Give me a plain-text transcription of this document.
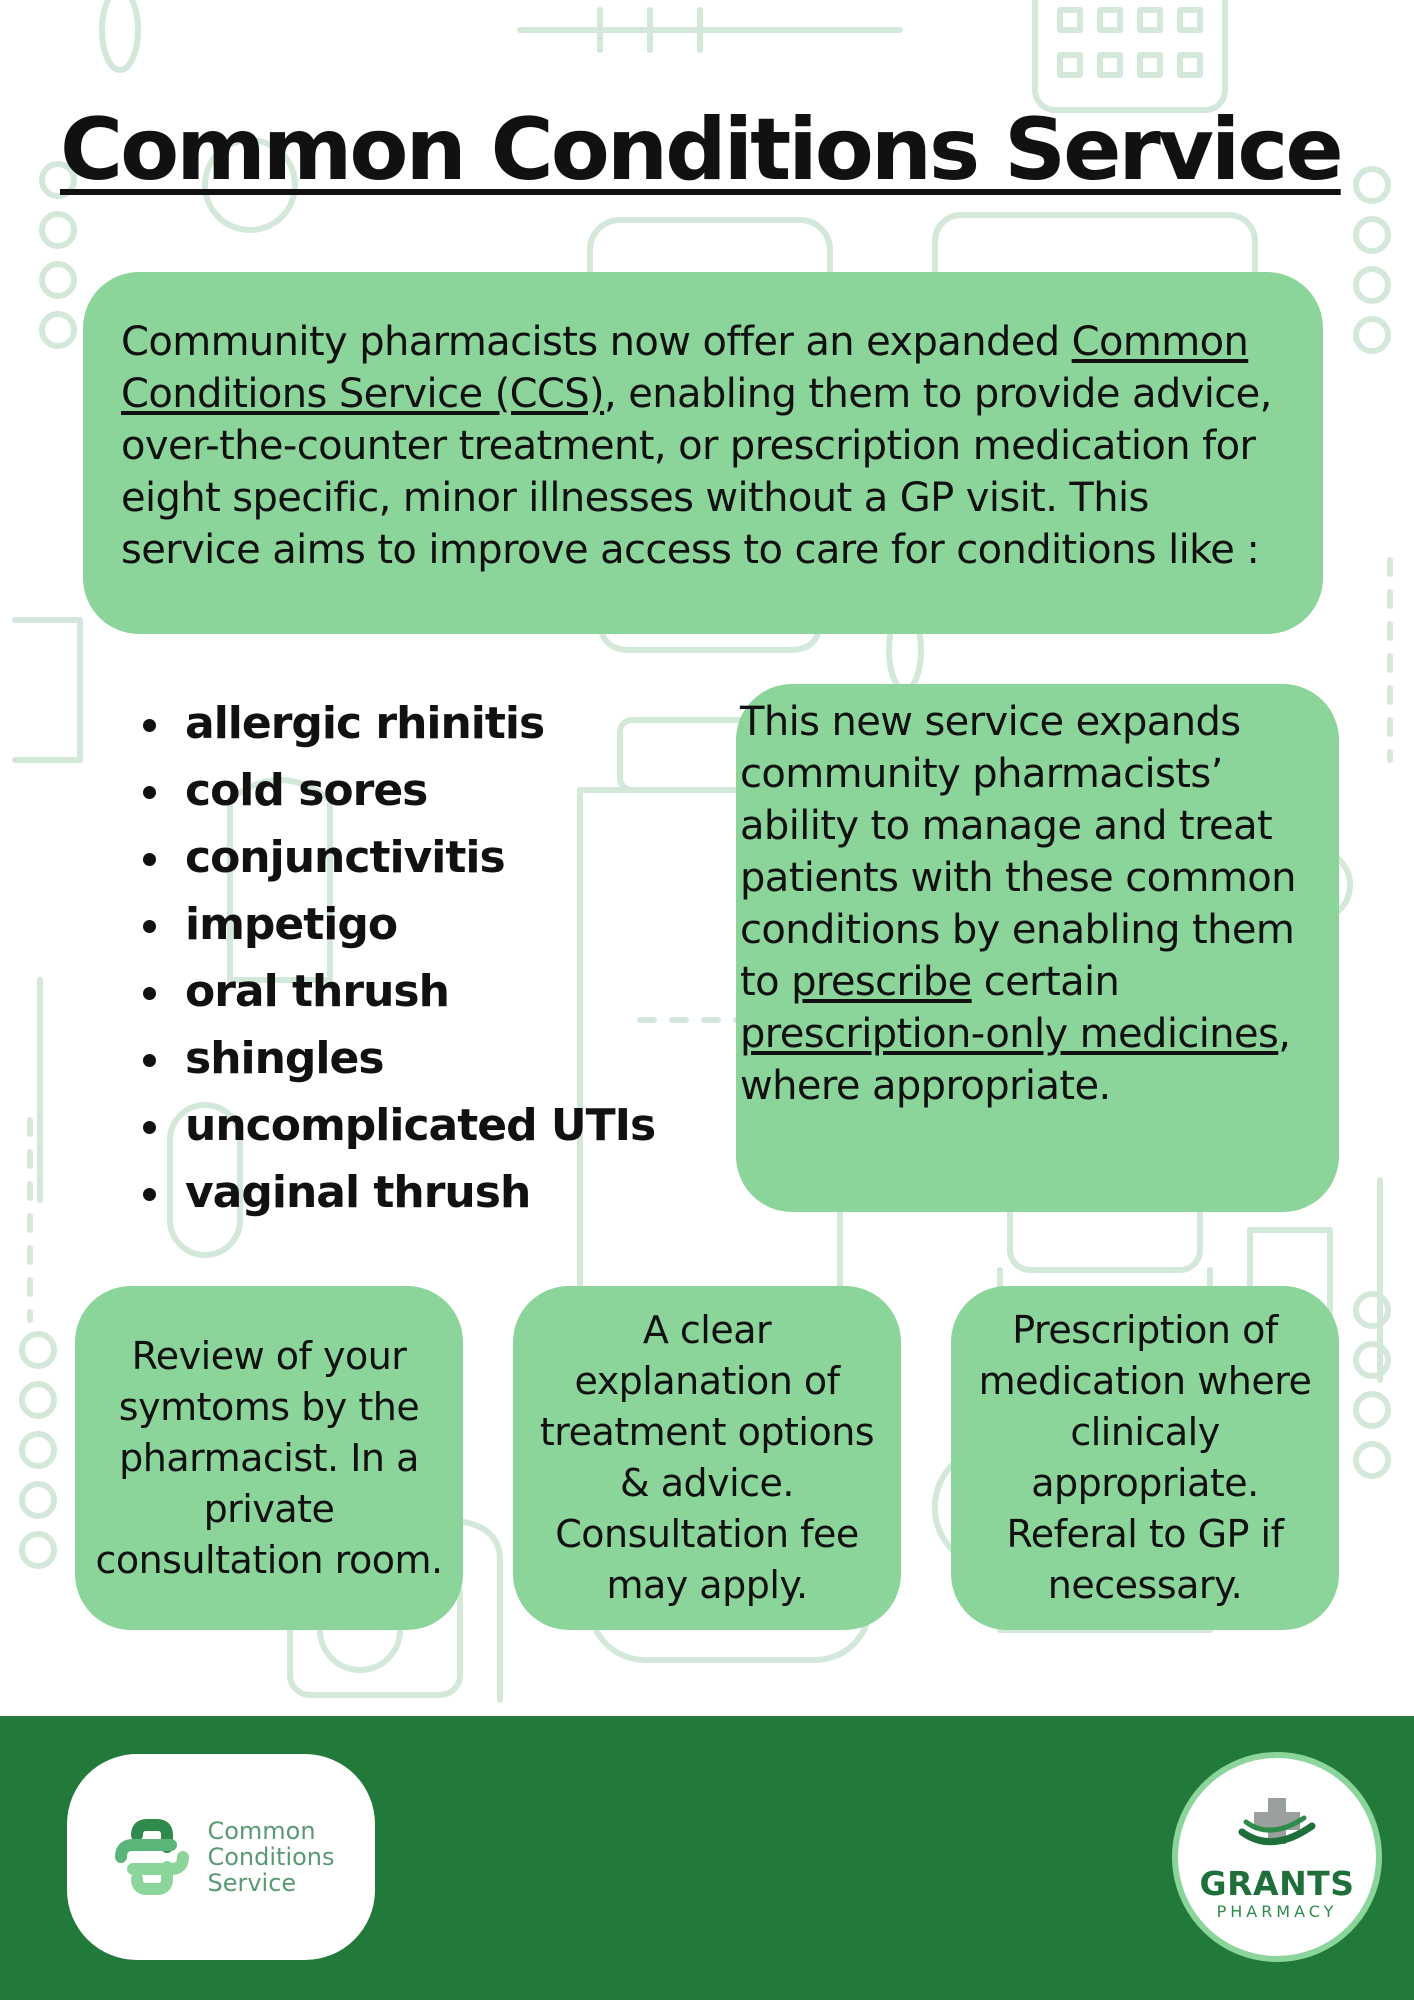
Common Conditions Service
Community pharmacists now offer an expanded Common Conditions Service (CCS), enabling them to provide advice, over-the-counter treatment, or prescription medication for eight specific, minor illnesses without a GP visit. This service aims to improve access to care for conditions like :
allergic rhinitis
cold sores
conjunctivitis
impetigo
oral thrush
shingles
uncomplicated UTIs
vaginal thrush
This new service expands community pharmacists’ ability to manage and treat patients with these common conditions by enabling them to prescribe certain prescription-only medicines, where appropriate.
Review of your symtoms by the pharmacist. In a private consultation room.
A clear explanation of treatment options & advice. Consultation fee may apply.
Prescription of medication where clinicaly appropriate. Referal to GP if necessary.
Common
Conditions
Service	GRANTS
PHARMACY
